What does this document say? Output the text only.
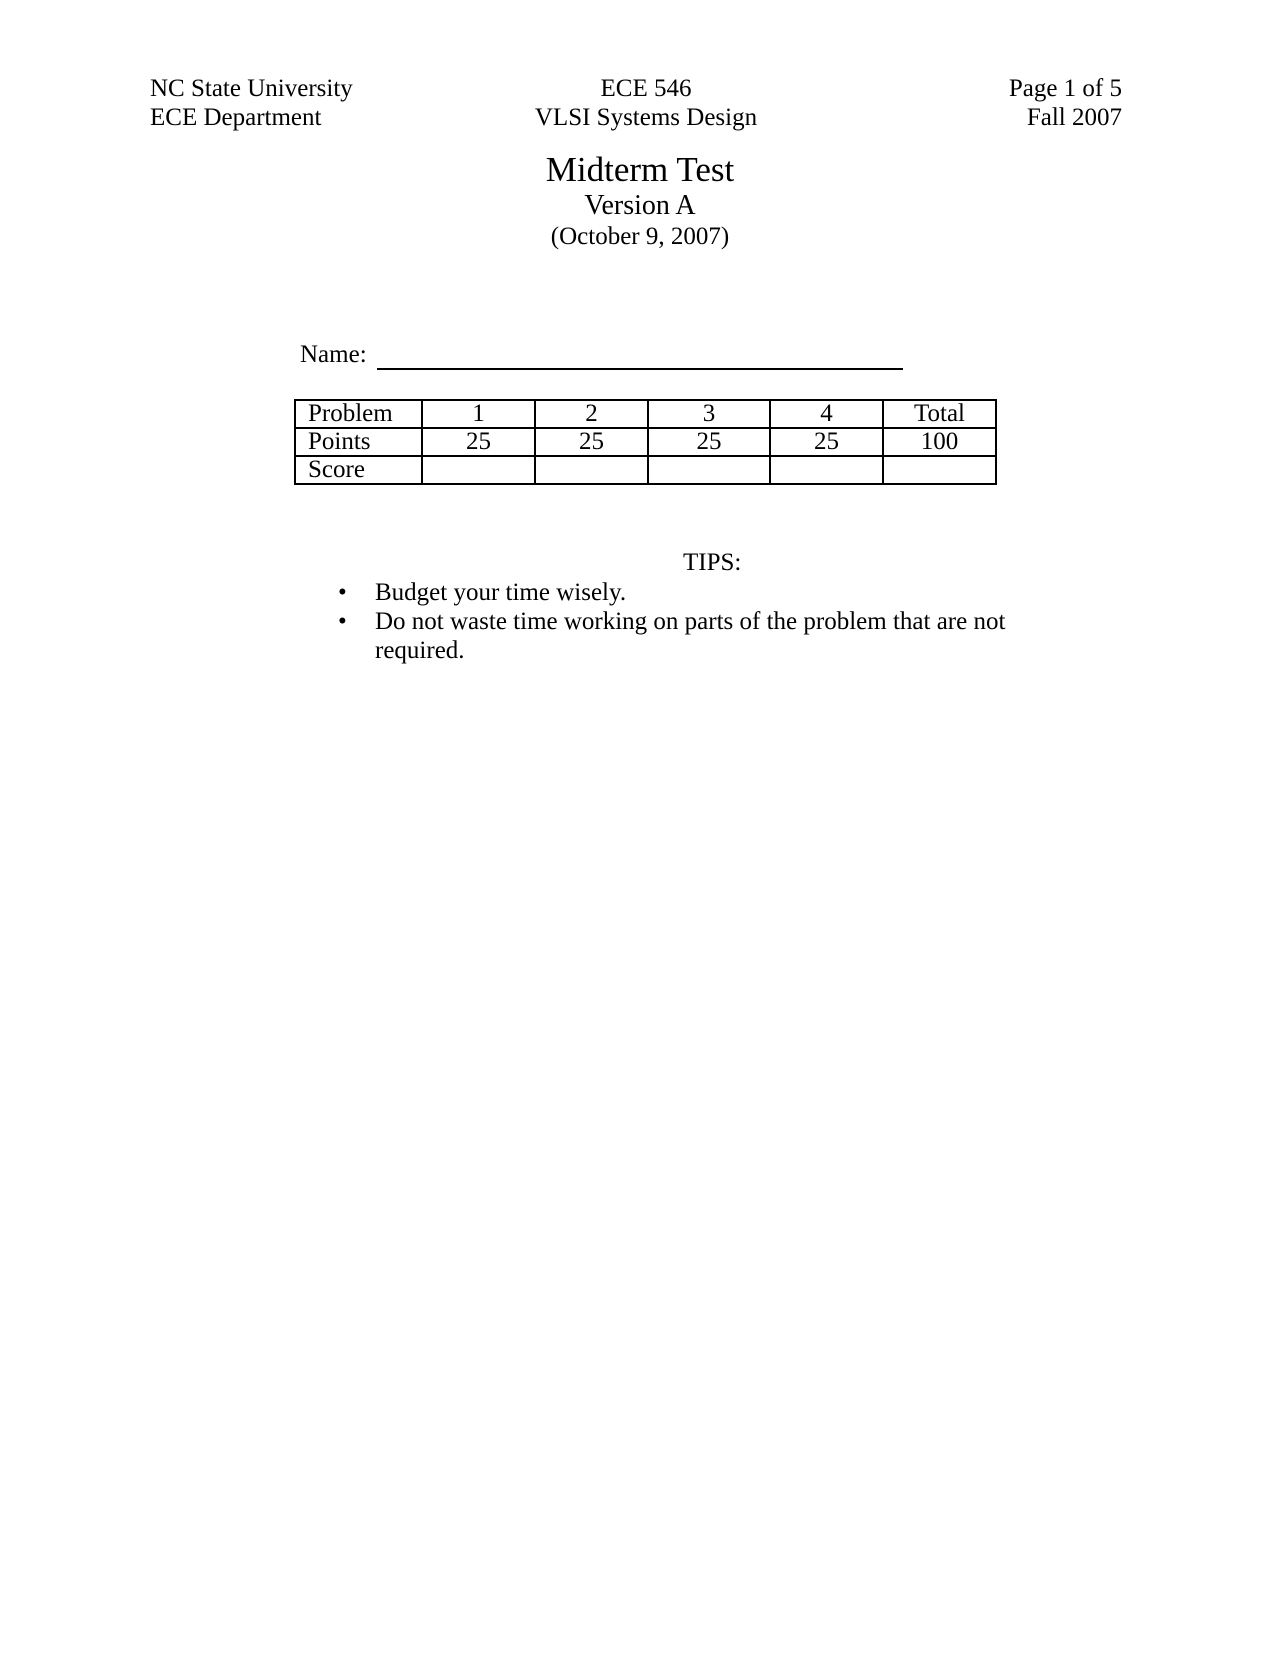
NC State University
ECE Department
ECE 546
VLSI Systems Design
Page 1 of 5
Fall 2007
Midterm Test
Version A
(October 9, 2007)
Name:
Problem	1	2	3	4	Total
Points	25	25	25	25	100
Score					
TIPS:
• Budget your time wisely.
• Do not waste time working on parts of the problem that are not required.
